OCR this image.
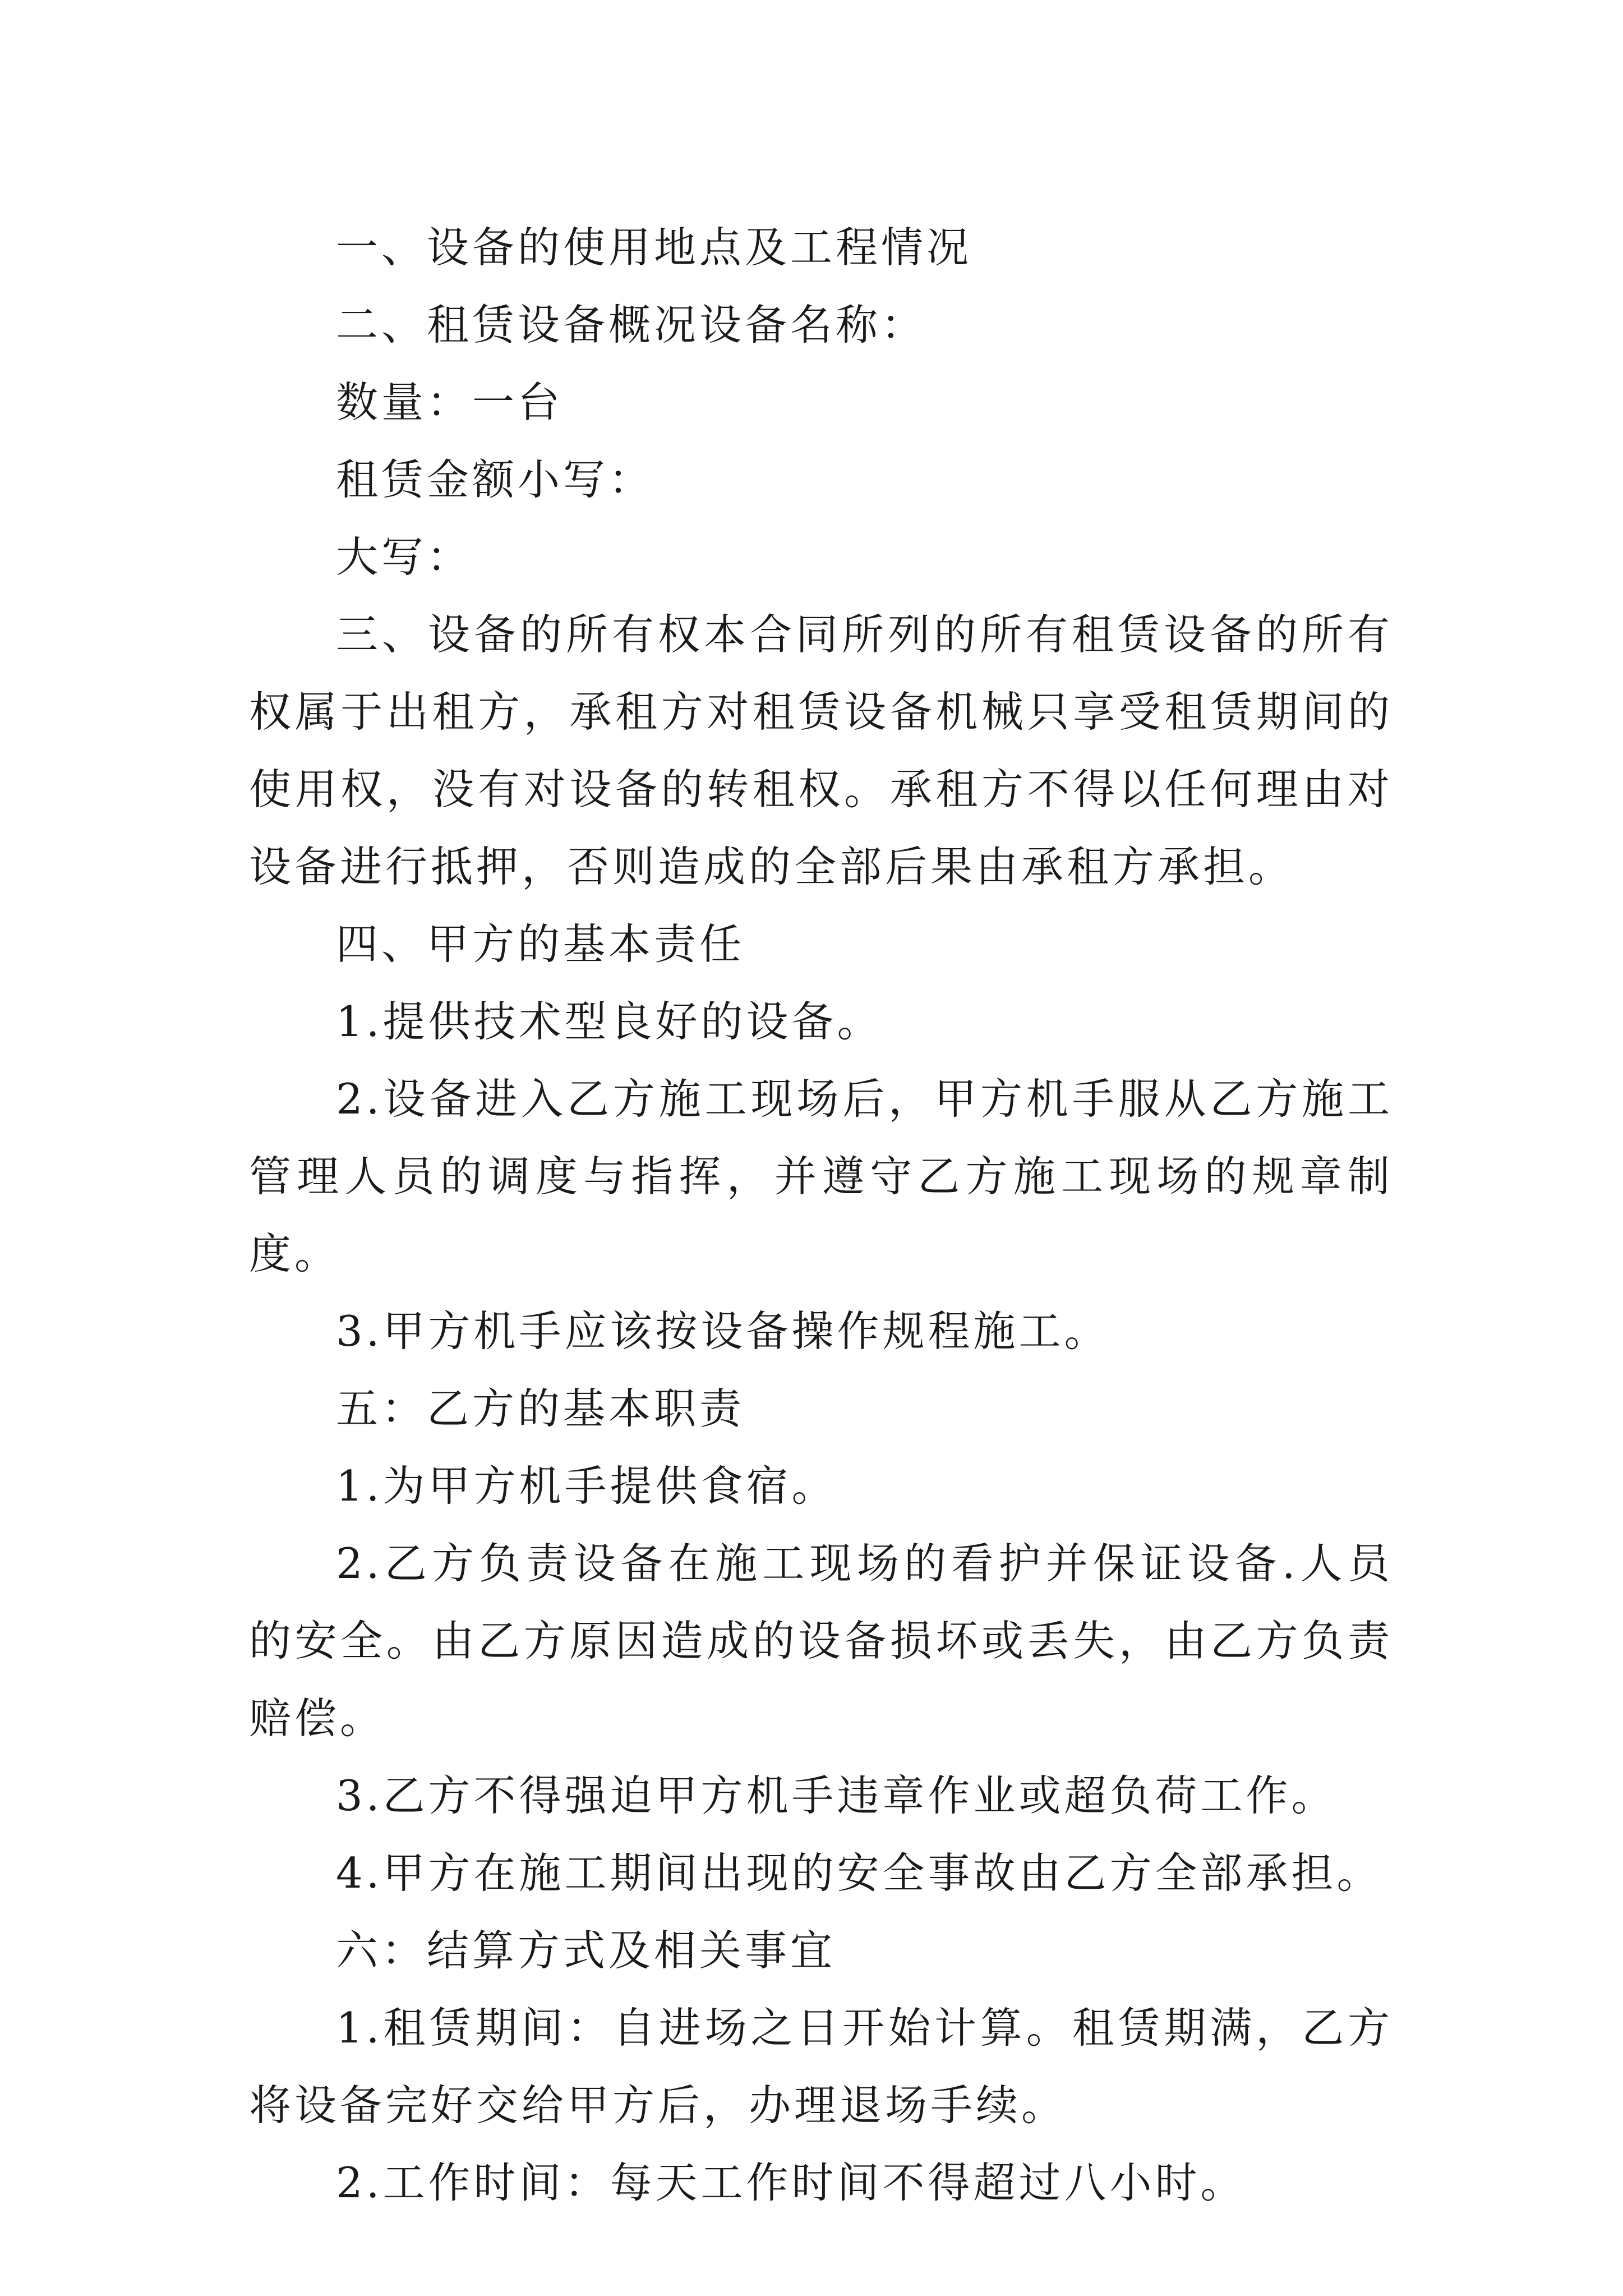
一、设备的使用地点及工程情况

二、租赁设备概况设备名称：

数量：一台

租赁金额小写：

大写：

三、设备的所有权本合同所列的所有租赁设备的所有权属于出租方，承租方对租赁设备机械只享受租赁期间的使用权，没有对设备的转租权。承租方不得以任何理由对设备进行抵押，否则造成的全部后果由承租方承担。

四、甲方的基本责任

1.提供技术型良好的设备。

2.设备进入乙方施工现场后，甲方机手服从乙方施工管理人员的调度与指挥，并遵守乙方施工现场的规章制度。

3.甲方机手应该按设备操作规程施工。

五：乙方的基本职责

1.为甲方机手提供食宿。

2.乙方负责设备在施工现场的看护并保证设备.人员的安全。由乙方原因造成的设备损坏或丢失，由乙方负责赔偿。

3.乙方不得强迫甲方机手违章作业或超负荷工作。

4.甲方在施工期间出现的安全事故由乙方全部承担。

六：结算方式及相关事宜

1.租赁期间：自进场之日开始计算。租赁期满，乙方将设备完好交给甲方后，办理退场手续。

2.工作时间：每天工作时间不得超过八小时。
